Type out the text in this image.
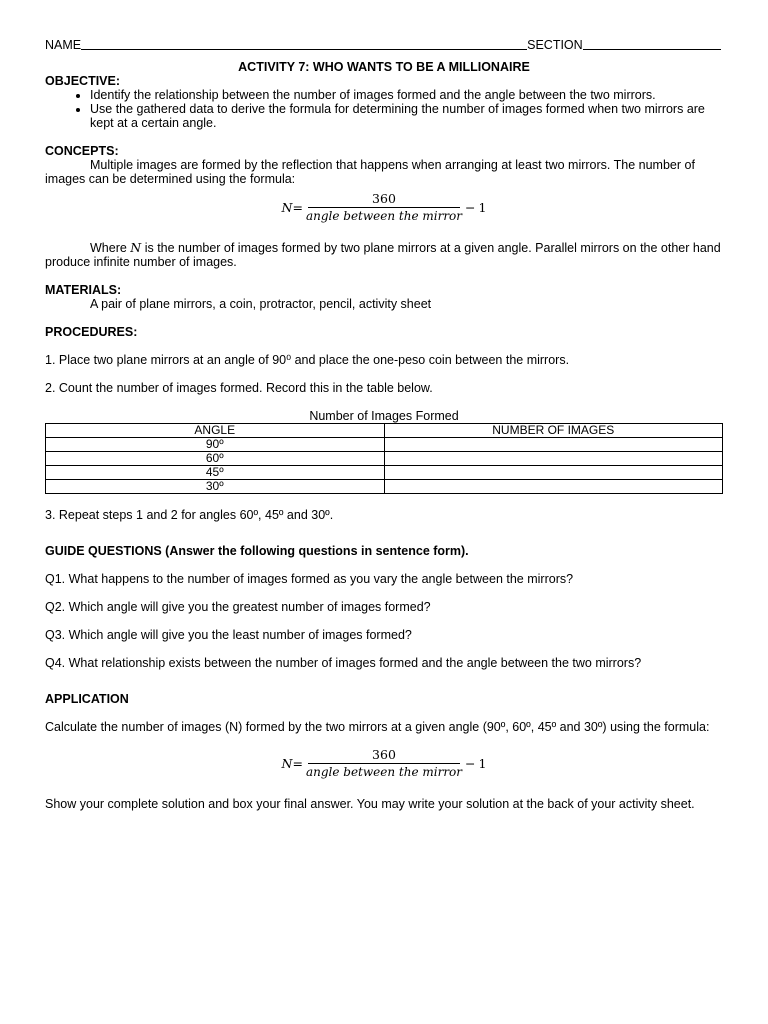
NAME	SECTION
ACTIVITY 7: WHO WANTS TO BE A MILLIONAIRE
OBJECTIVE:
• Identify the relationship between the number of images formed and the angle between the two mirrors.
• Use the gathered data to derive the formula for determining the number of images formed when two mirrors are kept at a certain angle.
CONCEPTS:

Multiple images are formed by the reflection that happens when arranging at least two mirrors. The number of images can be determined using the formula:

$N = \frac{360}{\text{angle between the mirror}} - 1$

Where N is the number of images formed by two plane mirrors at a given angle. Parallel mirrors on the other hand produce infinite number of images.

MATERIALS:

A pair of plane mirrors, a coin, protractor, pencil, activity sheet

PROCEDURES:

1. Place two plane mirrors at an angle of 90⁰ and place the one-peso coin between the mirrors.

2. Count the number of images formed. Record this in the table below.

Number of Images Formed
ANGLE	NUMBER OF IMAGES
90º	
60º	
45º	
30º	

3. Repeat steps 1 and 2 for angles 60º, 45º and 30º.

GUIDE QUESTIONS (Answer the following questions in sentence form).

Q1. What happens to the number of images formed as you vary the angle between the mirrors?

Q2. Which angle will give you the greatest number of images formed?

Q3. Which angle will give you the least number of images formed?

Q4. What relationship exists between the number of images formed and the angle between the two mirrors?

APPLICATION

Calculate the number of images (N) formed by the two mirrors at a given angle (90º, 60º, 45º and 30º) using the formula:

$N = \frac{360}{\text{angle between the mirror}} - 1$

Show your complete solution and box your final answer. You may write your solution at the back of your activity sheet.
